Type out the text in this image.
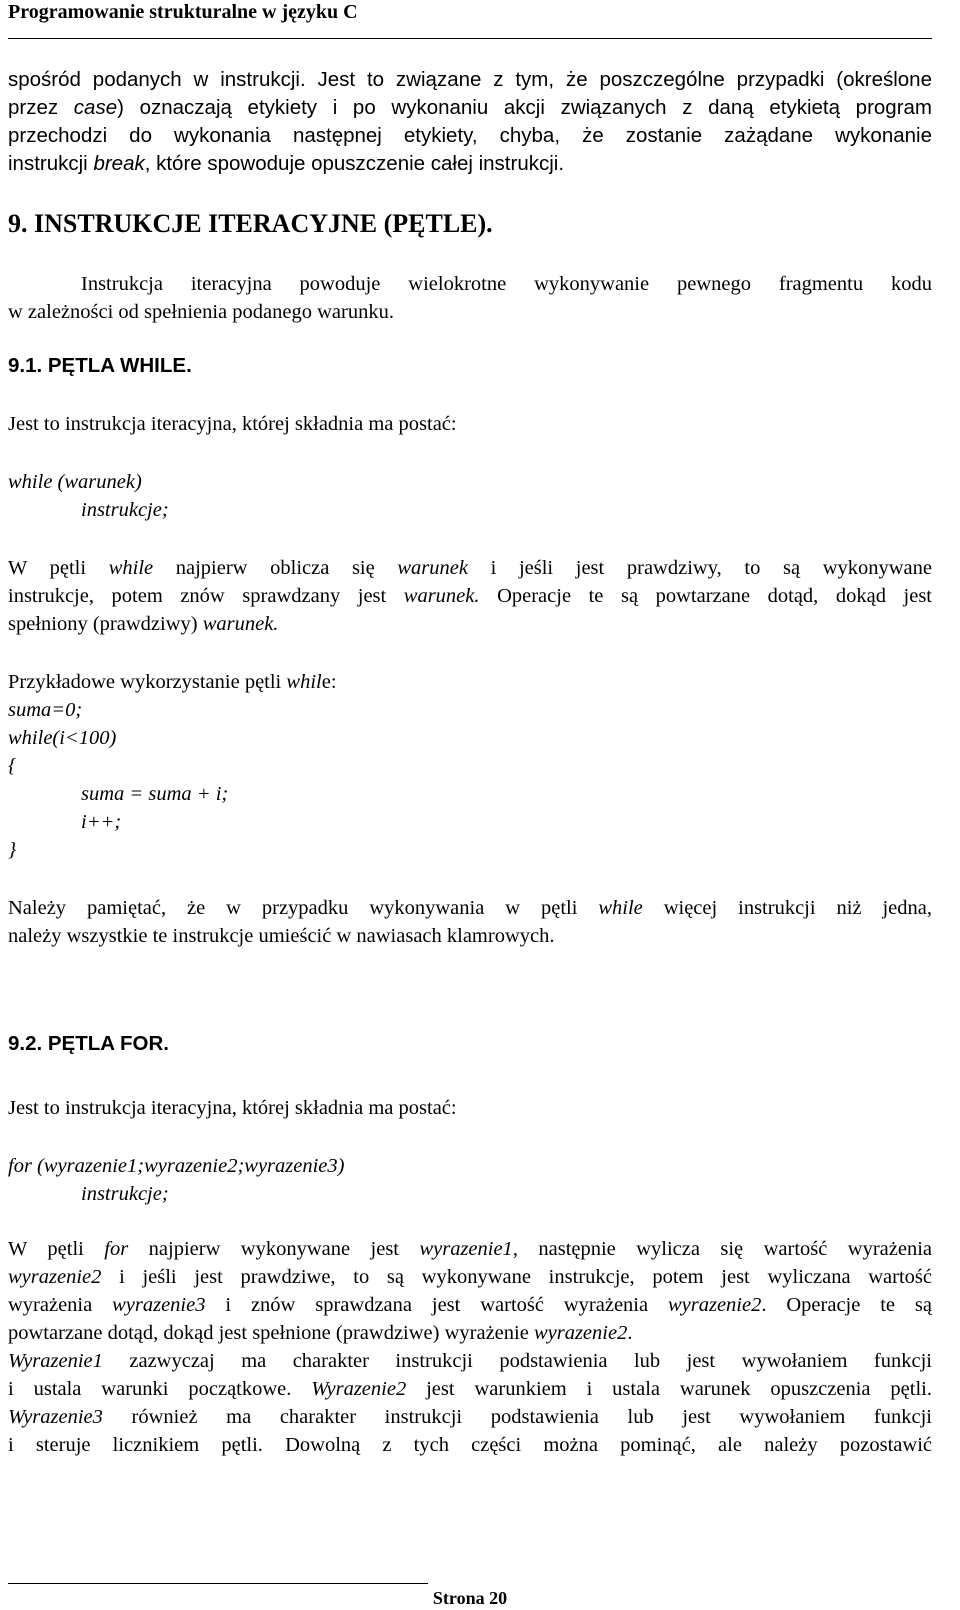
Programowanie strukturalne w języku C
spośród podanych w instrukcji. Jest to związane z tym, że poszczególne przypadki (określone
przez case) oznaczają etykiety i po wykonaniu akcji związanych z daną etykietą program
przechodzi do wykonania następnej etykiety, chyba, że zostanie zażądane wykonanie
instrukcji break, które spowoduje opuszczenie całej instrukcji.
9. INSTRUKCJE ITERACYJNE (PĘTLE).
Instrukcja iteracyjna powoduje wielokrotne wykonywanie pewnego fragmentu kodu
w zależności od spełnienia podanego warunku.
9.1. PĘTLA WHILE.
Jest to instrukcja iteracyjna, której składnia ma postać:
while (warunek)
instrukcje;
W pętli while najpierw oblicza się warunek i jeśli jest prawdziwy, to są wykonywane
instrukcje, potem znów sprawdzany jest warunek. Operacje te są powtarzane dotąd, dokąd jest
spełniony (prawdziwy) warunek.
Przykładowe wykorzystanie pętli while:
suma=0;
while(i<100)
{
suma = suma + i;
i++;
}
Należy pamiętać, że w przypadku wykonywania w pętli while więcej instrukcji niż jedna,
należy wszystkie te instrukcje umieścić w nawiasach klamrowych.
9.2. PĘTLA FOR.
Jest to instrukcja iteracyjna, której składnia ma postać:
for (wyrazenie1;wyrazenie2;wyrazenie3)
instrukcje;
W pętli for najpierw wykonywane jest wyrazenie1, następnie wylicza się wartość wyrażenia
wyrazenie2 i jeśli jest prawdziwe, to są wykonywane instrukcje, potem jest wyliczana wartość
wyrażenia wyrazenie3 i znów sprawdzana jest wartość wyrażenia wyrazenie2. Operacje te są
powtarzane dotąd, dokąd jest spełnione (prawdziwe) wyrażenie wyrazenie2.
Wyrazenie1 zazwyczaj ma charakter instrukcji podstawienia lub jest wywołaniem funkcji
i ustala warunki początkowe. Wyrazenie2 jest warunkiem i ustala warunek opuszczenia pętli.
Wyrazenie3 również ma charakter instrukcji podstawienia lub jest wywołaniem funkcji
i steruje licznikiem pętli. Dowolną z tych części można pominąć, ale należy pozostawić
Strona 20
